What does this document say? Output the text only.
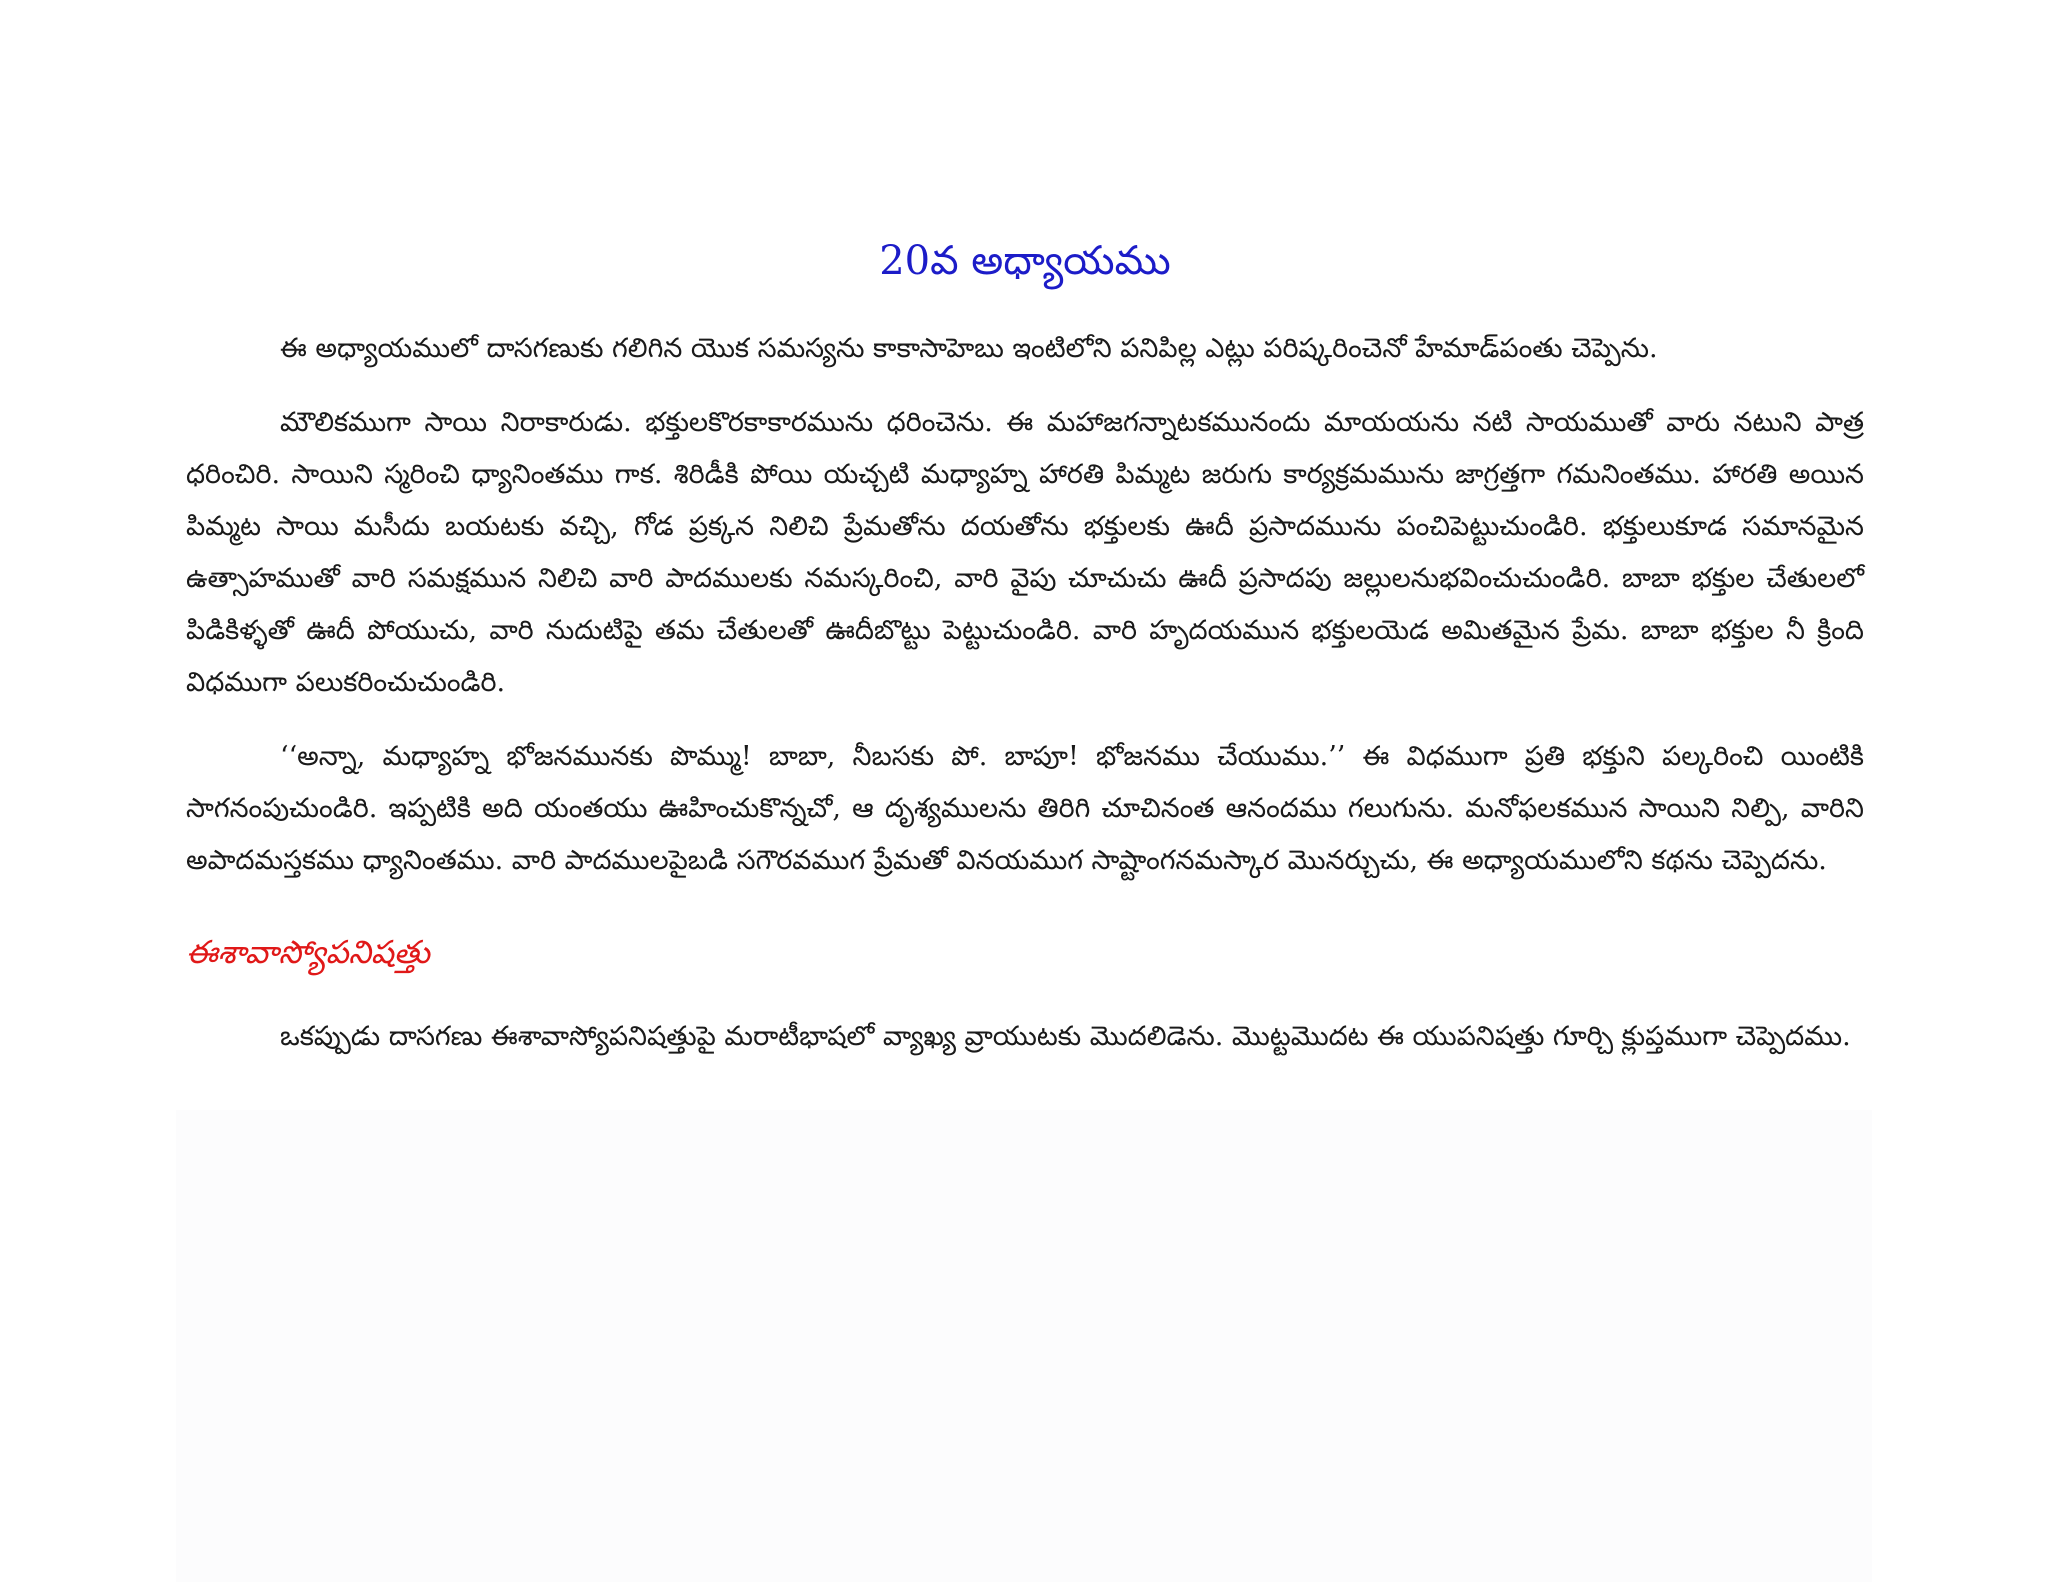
20వ అధ్యాయము

ఈ అధ్యాయములో దాసగణుకు గలిగిన యొక సమస్యను కాకాసాహెబు ఇంటిలోని పనిపిల్ల ఎట్లు పరిష్కరించెనో హేమాడ్‌పంతు చెప్పెను.

మౌలికముగా సాయి నిరాకారుడు. భక్తులకొరకాకారమును ధరించెను. ఈ మహాజగన్నాటకమునందు మాయయను నటి సాయముతో వారు నటుని పాత్ర ధరించిరి. సాయిని స్మరించి ధ్యానింతము గాక. శిరిడీకి పోయి యచ్చటి మధ్యాహ్న హారతి పిమ్మట జరుగు కార్యక్రమమును జాగ్రత్తగా గమనింతము. హారతి అయిన పిమ్మట సాయి మసీదు బయటకు వచ్చి, గోడ ప్రక్కన నిలిచి ప్రేమతోను దయతోను భక్తులకు ఊదీ ప్రసాదమును పంచిపెట్టుచుండిరి. భక్తులుకూడ సమానమైన ఉత్సాహముతో వారి సమక్షమున నిలిచి వారి పాదములకు నమస్కరించి, వారి వైపు చూచుచు ఊదీ ప్రసాదపు జల్లులనుభవించుచుండిరి. బాబా భక్తుల చేతులలో పిడికిళ్ళతో ఊదీ పోయుచు, వారి నుదుటిపై తమ చేతులతో ఊదీబొట్టు పెట్టుచుండిరి. వారి హృదయమున భక్తులయెడ అమితమైన ప్రేమ. బాబా భక్తుల నీ క్రింది విధముగా పలుకరించుచుండిరి.

‘‘అన్నా, మధ్యాహ్న భోజనమునకు పొమ్ము! బాబా, నీబసకు పో. బాపూ! భోజనము చేయుము.’’ ఈ విధముగా ప్రతి భక్తుని పల్కరించి యింటికి సాగనంపుచుండిరి. ఇప్పటికి అది యంతయు ఊహించుకొన్నచో, ఆ దృశ్యములను తిరిగి చూచినంత ఆనందము గలుగును. మనోఫలకమున సాయిని నిల్పి, వారిని అపాదమస్తకము ధ్యానింతము. వారి పాదములపైబడి సగౌరవముగ ప్రేమతో వినయముగ సాష్టాంగనమస్కార మొనర్చుచు, ఈ అధ్యాయములోని కథను చెప్పెదను.

ఈశావాస్యోపనిషత్తు

ఒకప్పుడు దాసగణు ఈశావాస్యోపనిషత్తుపై మరాటీభాషలో వ్యాఖ్య వ్రాయుటకు మొదలిడెను. మొట్టమొదట ఈ యుపనిషత్తు గూర్చి క్లుప్తముగా చెప్పెదము.
